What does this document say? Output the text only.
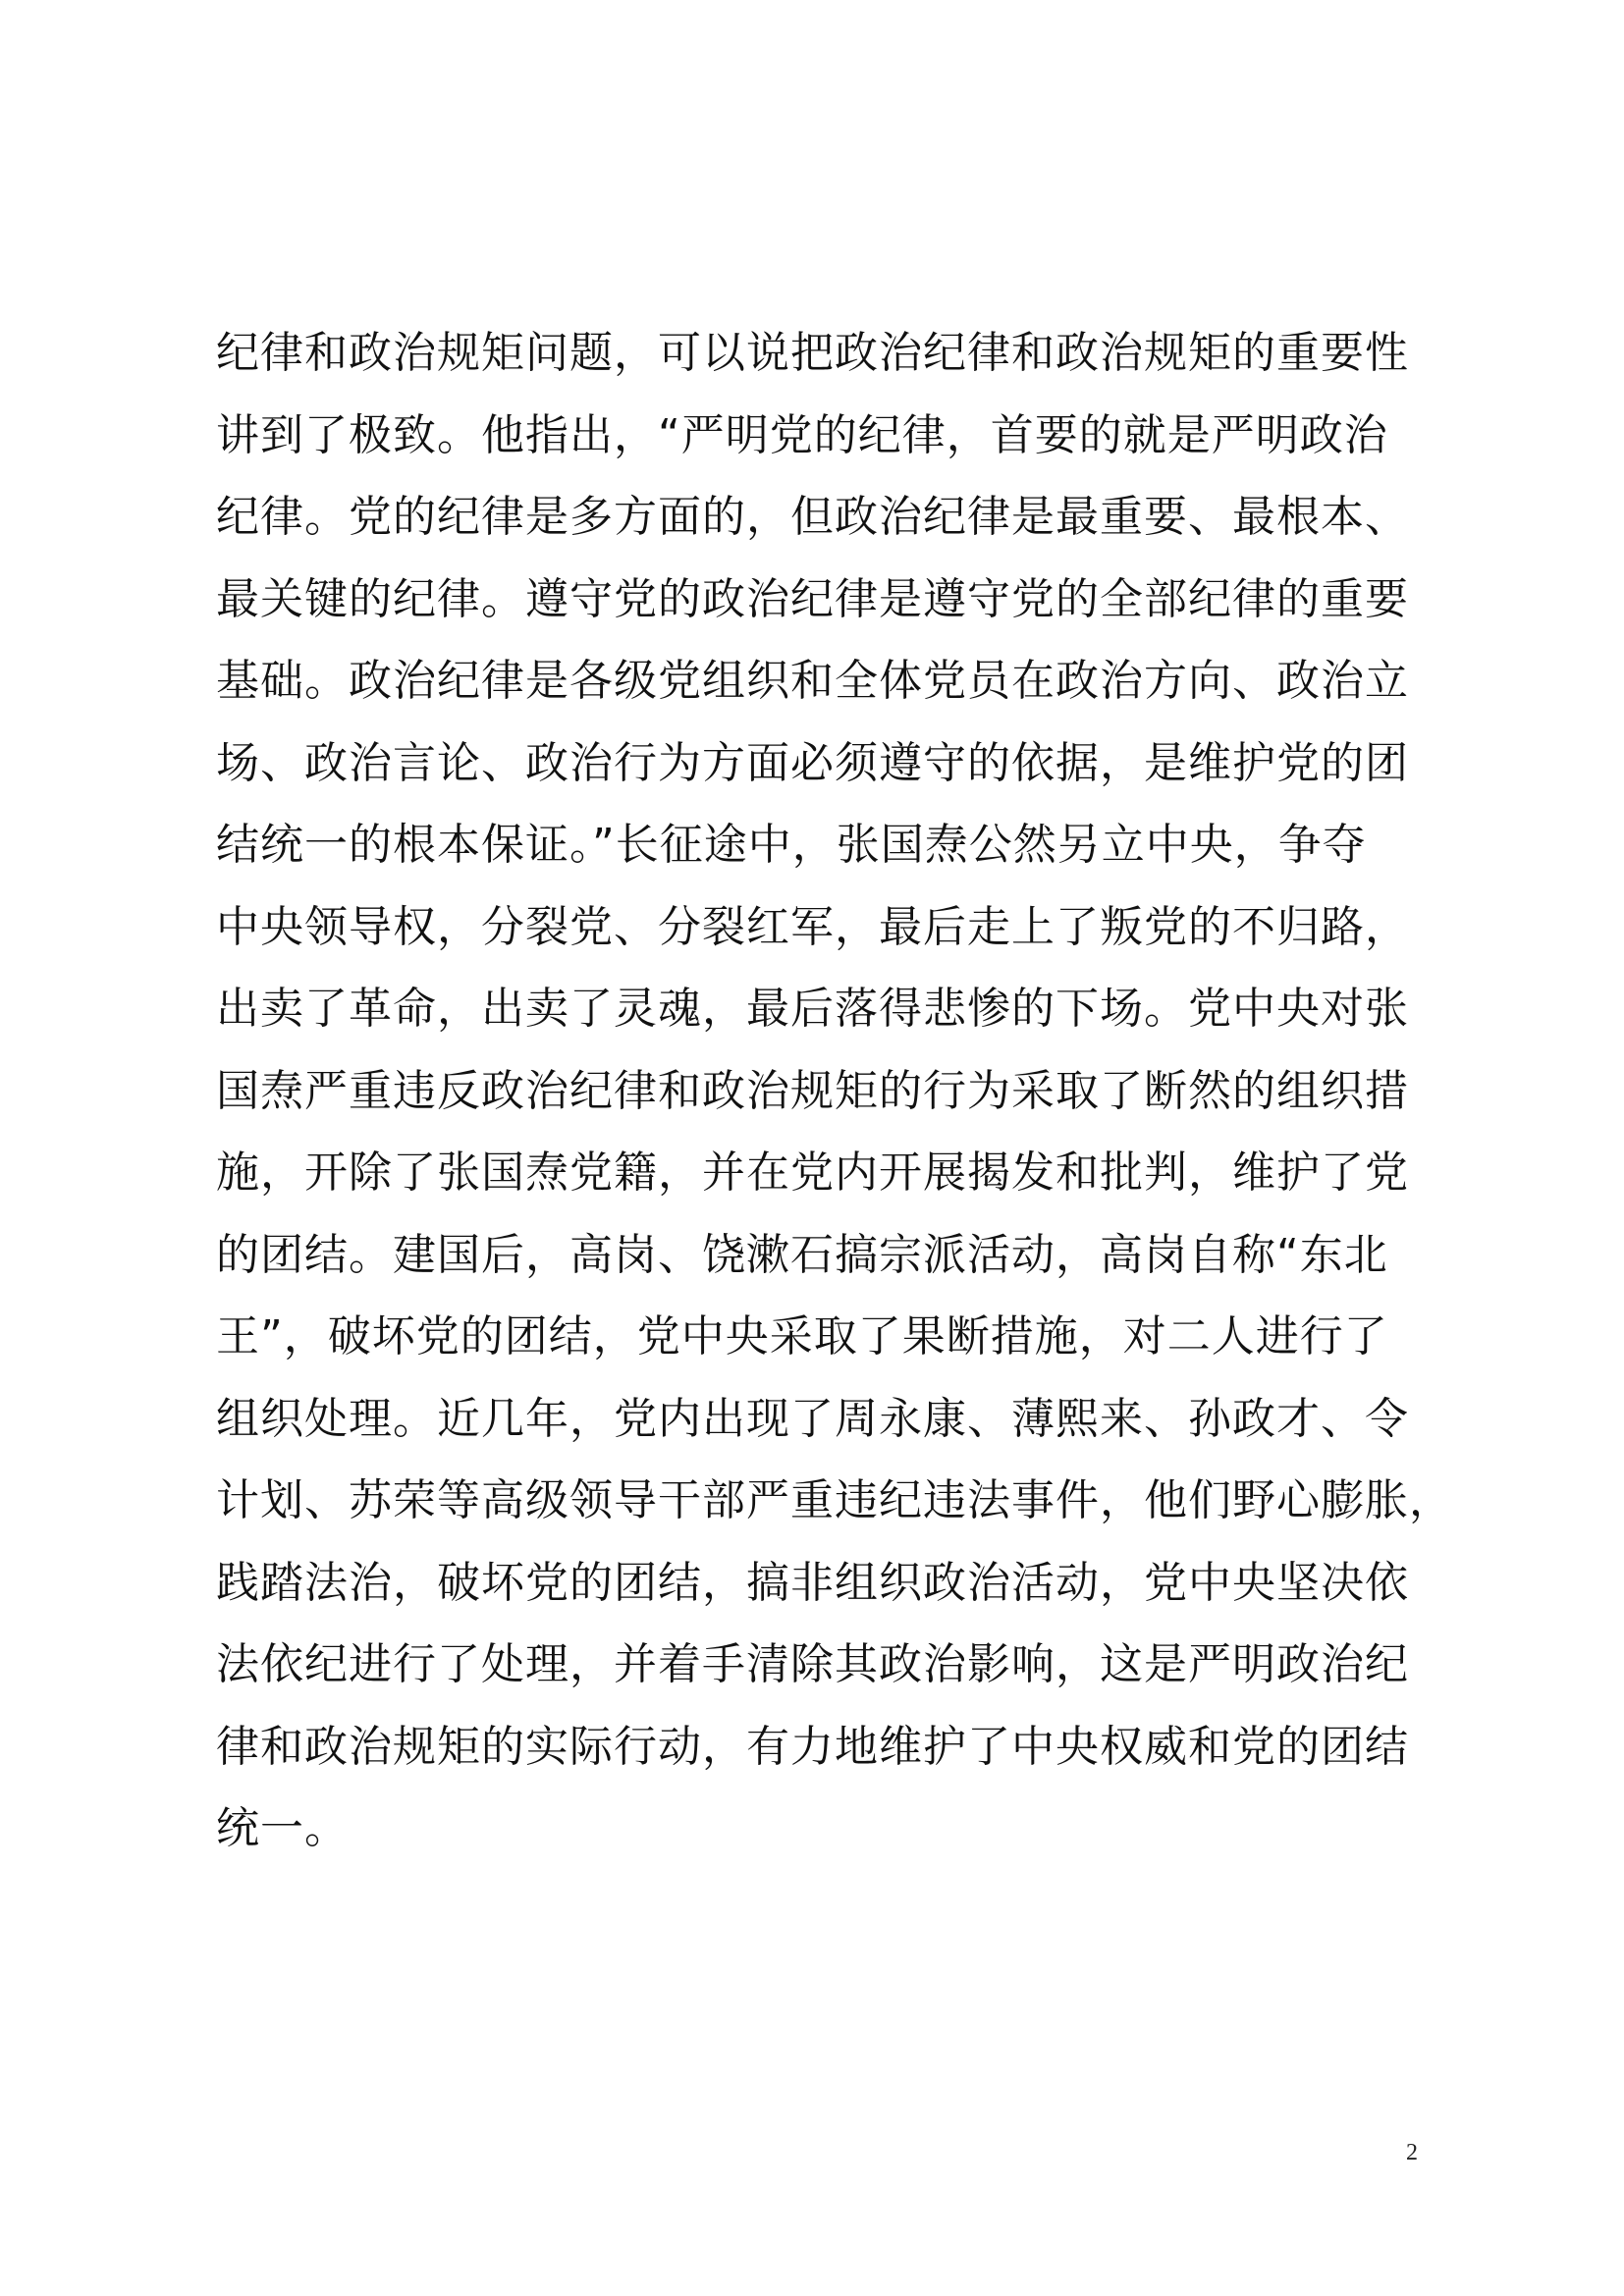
纪律和政治规矩问题，可以说把政治纪律和政治规矩的重要性
讲到了极致。他指出，“严明党的纪律，首要的就是严明政治
纪律。党的纪律是多方面的，但政治纪律是最重要、最根本、
最关键的纪律。遵守党的政治纪律是遵守党的全部纪律的重要
基础。政治纪律是各级党组织和全体党员在政治方向、政治立
场、政治言论、政治行为方面必须遵守的依据，是维护党的团
结统一的根本保证。”长征途中，张国焘公然另立中央，争夺
中央领导权，分裂党、分裂红军，最后走上了叛党的不归路，
出卖了革命，出卖了灵魂，最后落得悲惨的下场。党中央对张
国焘严重违反政治纪律和政治规矩的行为采取了断然的组织措
施，开除了张国焘党籍，并在党内开展揭发和批判，维护了党
的团结。建国后，高岗、饶漱石搞宗派活动，高岗自称“东北
王”，破坏党的团结，党中央采取了果断措施，对二人进行了
组织处理。近几年，党内出现了周永康、薄熙来、孙政才、令
计划、苏荣等高级领导干部严重违纪违法事件，他们野心膨胀，
践踏法治，破坏党的团结，搞非组织政治活动，党中央坚决依
法依纪进行了处理，并着手清除其政治影响，这是严明政治纪
律和政治规矩的实际行动，有力地维护了中央权威和党的团结
统一。
2
